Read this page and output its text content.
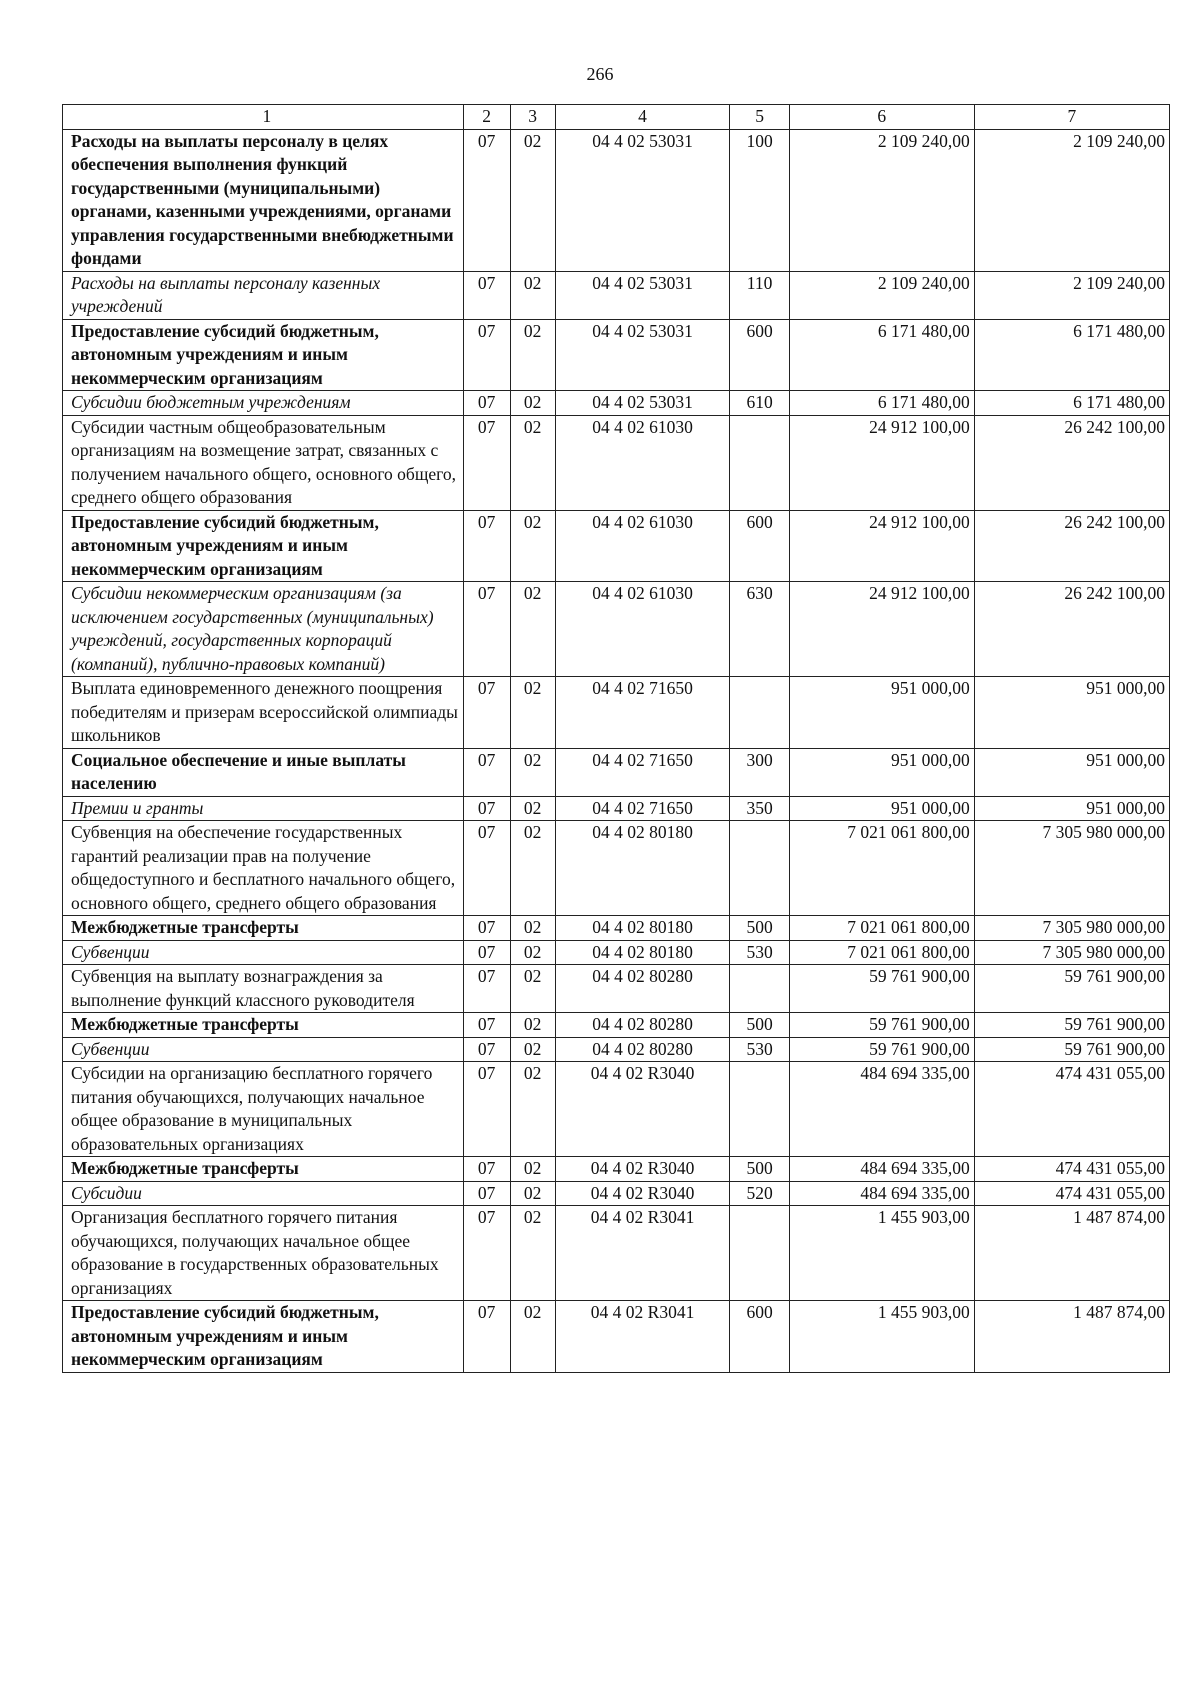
266
1	2	3	4	5	6	7
Расходы на выплаты персоналу в целях обеспечения выполнения функций государственными (муниципальными) органами, казенными учреждениями, органами управления государственными внебюджетными фондами	07	02	04 4 02 53031	100	2 109 240,00	2 109 240,00
Расходы на выплаты персоналу казенных учреждений	07	02	04 4 02 53031	110	2 109 240,00	2 109 240,00
Предоставление субсидий бюджетным, автономным учреждениям и иным некоммерческим организациям	07	02	04 4 02 53031	600	6 171 480,00	6 171 480,00
Субсидии бюджетным учреждениям	07	02	04 4 02 53031	610	6 171 480,00	6 171 480,00
Субсидии частным общеобразовательным организациям на возмещение затрат, связанных с получением начального общего, основного общего, среднего общего образования	07	02	04 4 02 61030		24 912 100,00	26 242 100,00
Предоставление субсидий бюджетным, автономным учреждениям и иным некоммерческим организациям	07	02	04 4 02 61030	600	24 912 100,00	26 242 100,00
Субсидии некоммерческим организациям (за исключением государственных (муниципальных) учреждений, государственных корпораций (компаний), публично-правовых компаний)	07	02	04 4 02 61030	630	24 912 100,00	26 242 100,00
Выплата единовременного денежного поощрения победителям и призерам всероссийской олимпиады школьников	07	02	04 4 02 71650		951 000,00	951 000,00
Социальное обеспечение и иные выплаты населению	07	02	04 4 02 71650	300	951 000,00	951 000,00
Премии и гранты	07	02	04 4 02 71650	350	951 000,00	951 000,00
Субвенция на обеспечение государственных гарантий реализации прав на получение общедоступного и бесплатного начального общего, основного общего, среднего общего образования	07	02	04 4 02 80180		7 021 061 800,00	7 305 980 000,00
Межбюджетные трансферты	07	02	04 4 02 80180	500	7 021 061 800,00	7 305 980 000,00
Субвенции	07	02	04 4 02 80180	530	7 021 061 800,00	7 305 980 000,00
Субвенция на выплату вознаграждения за выполнение функций классного руководителя	07	02	04 4 02 80280		59 761 900,00	59 761 900,00
Межбюджетные трансферты	07	02	04 4 02 80280	500	59 761 900,00	59 761 900,00
Субвенции	07	02	04 4 02 80280	530	59 761 900,00	59 761 900,00
Субсидии на организацию бесплатного горячего питания обучающихся, получающих начальное общее образование в муниципальных образовательных организациях	07	02	04 4 02 R3040		484 694 335,00	474 431 055,00
Межбюджетные трансферты	07	02	04 4 02 R3040	500	484 694 335,00	474 431 055,00
Субсидии	07	02	04 4 02 R3040	520	484 694 335,00	474 431 055,00
Организация бесплатного горячего питания обучающихся, получающих начальное общее образование в государственных образовательных организациях	07	02	04 4 02 R3041		1 455 903,00	1 487 874,00
Предоставление субсидий бюджетным, автономным учреждениям и иным некоммерческим организациям	07	02	04 4 02 R3041	600	1 455 903,00	1 487 874,00
